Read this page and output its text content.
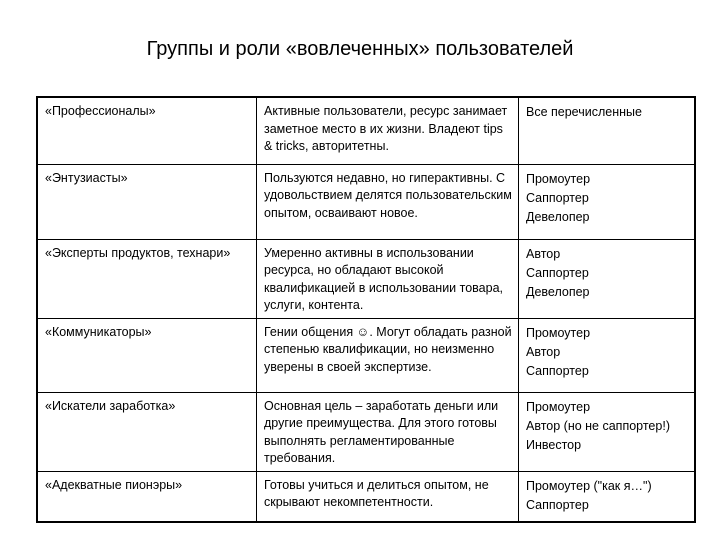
Группы и роли «вовлеченных» пользователей
«Профессионалы»	Активные пользователи, ресурс занимает заметное место в их жизни. Владеют tips & tricks, авторитетны.	Все перечисленные

«Энтузиасты»	Пользуются недавно, но гиперактивны. С удовольствием делятся пользовательским опытом, осваивают новое.	Промоутер
Саппортер
Девелопер

«Эксперты продуктов, технари»	Умеренно активны в использовании ресурса, но обладают высокой квалификацией в использовании товара, услуги, контента.	Автор
Саппортер
Девелопер

«Коммуникаторы»	Гении общения ☺. Могут обладать разной степенью квалификации, но неизменно уверены в своей экспертизе.	Промоутер
Автор
Саппортер

«Искатели заработка»	Основная цель – заработать деньги или другие преимущества. Для этого готовы выполнять регламентированные требования.	Промоутер
Автор (но не саппортер!)
Инвестор

«Адекватные пионэры»	Готовы учиться и делиться опытом, не скрывают некомпетентности.	Промоутер ("как я…")
Саппортер
